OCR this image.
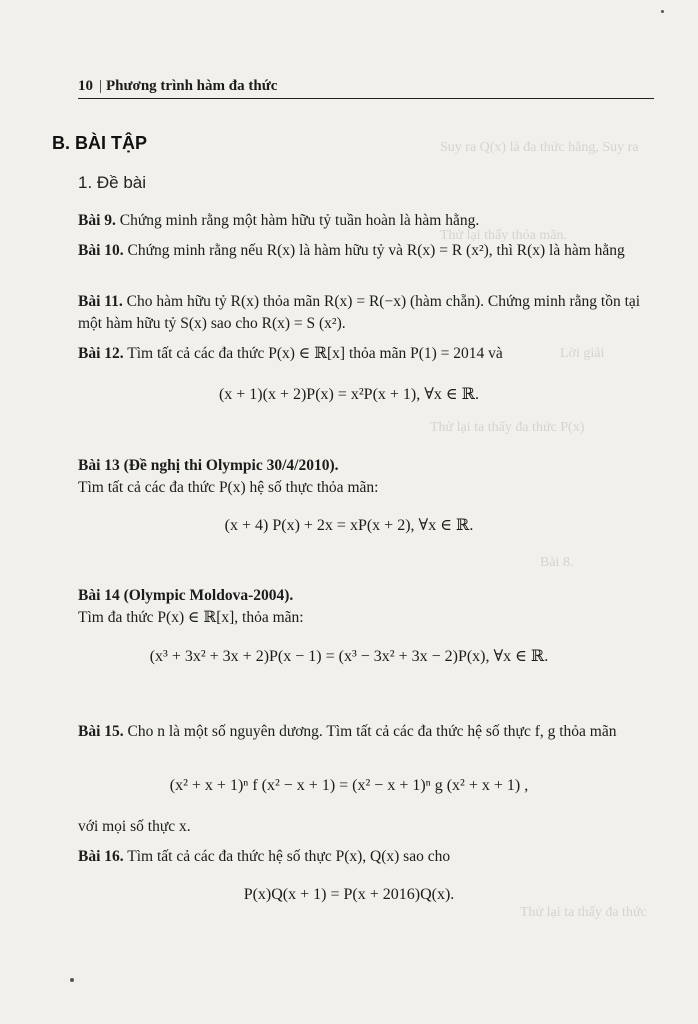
Suy ra Q(x) là đa thức hằng, Suy ra
Thử lại thấy thỏa mãn.
Lời giải
Thử lại ta thấy đa thức P(x)
Bài 8.
Thử lại ta thấy đa thức
10 | Phương trình hàm đa thức
B. BÀI TẬP
1. Đề bài
Bài 9. Chứng minh rằng một hàm hữu tỷ tuần hoàn là hàm hằng.
Bài 10. Chứng minh rằng nếu R(x) là hàm hữu tỷ và R(x) = R (x²), thì R(x) là hàm hằng
Bài 11. Cho hàm hữu tỷ R(x) thỏa mãn R(x) = R(−x) (hàm chẵn). Chứng minh rằng tồn tại một hàm hữu tỷ S(x) sao cho R(x) = S (x²).
Bài 12. Tìm tất cả các đa thức P(x) ∈ ℝ[x] thỏa mãn P(1) = 2014 và
(x + 1)(x + 2)P(x) = x²P(x + 1), ∀x ∈ ℝ.
Bài 13 (Đề nghị thi Olympic 30/4/2010).
Tìm tất cả các đa thức P(x) hệ số thực thỏa mãn:
(x + 4) P(x) + 2x = xP(x + 2), ∀x ∈ ℝ.
Bài 14 (Olympic Moldova-2004).
Tìm đa thức P(x) ∈ ℝ[x], thỏa mãn:
(x³ + 3x² + 3x + 2)P(x − 1) = (x³ − 3x² + 3x − 2)P(x), ∀x ∈ ℝ.
Bài 15. Cho n là một số nguyên dương. Tìm tất cả các đa thức hệ số thực f, g thỏa mãn
(x² + x + 1)ⁿ f (x² − x + 1) = (x² − x + 1)ⁿ g (x² + x + 1) ,
với mọi số thực x.
Bài 16. Tìm tất cả các đa thức hệ số thực P(x), Q(x) sao cho
P(x)Q(x + 1) = P(x + 2016)Q(x).
